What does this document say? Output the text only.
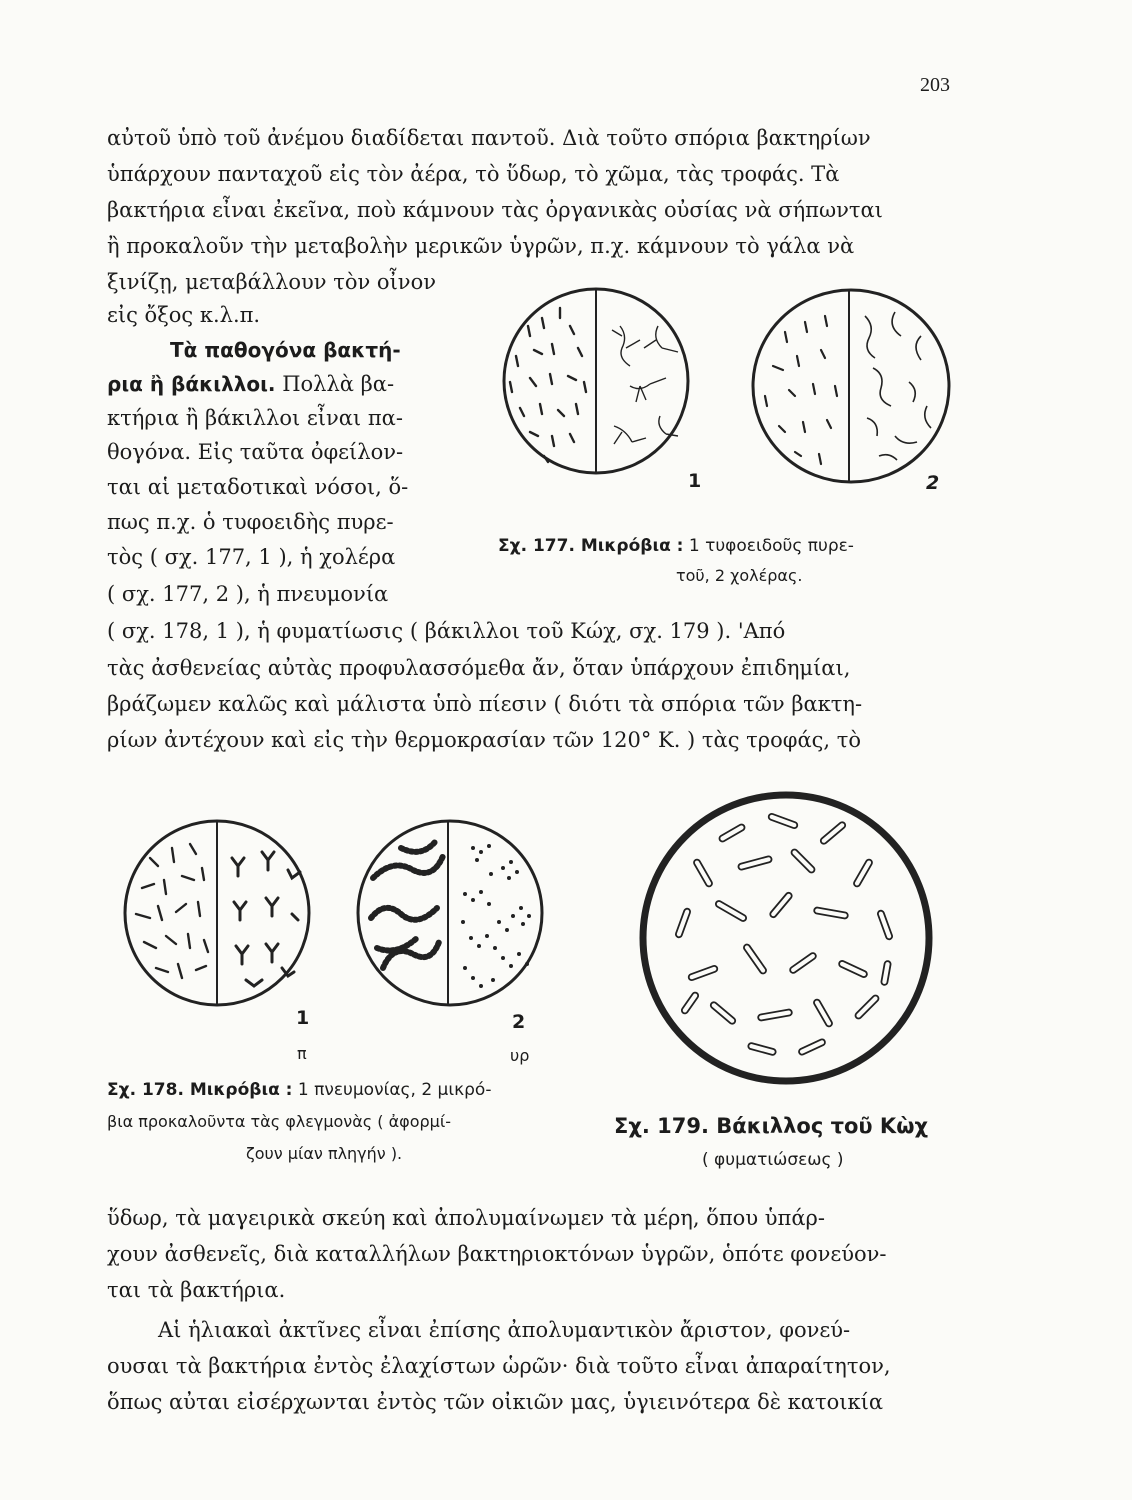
203
αὐτοῦ ὑπὸ τοῦ ἀνέμου διαδίδεται παντοῦ. Διὰ τοῦτο σπόρια βακτηρίων
ὑπάρχουν πανταχοῦ εἰς τὸν ἀέρα, τὸ ὕδωρ, τὸ χῶμα, τὰς τροφάς. Τὰ
βακτήρια εἶναι ἐκεῖνα, ποὺ κάμνουν τὰς ὀργανικὰς οὐσίας νὰ σήπωνται
ἢ προκαλοῦν τὴν μεταβολὴν μερικῶν ὑγρῶν, π.χ. κάμνουν τὸ γάλα νὰ
ξινίζῃ, μεταβάλλουν τὸν οἶνον
εἰς ὄξος κ.λ.π.
Τὰ παθογόνα βακτή-
ρια ἢ βάκιλλοι. Πολλὰ βα-
κτήρια ἢ βάκιλλοι εἶναι πα-
θογόνα. Εἰς ταῦτα ὀφείλον-
ται αἱ μεταδοτικαὶ νόσοι, ὅ-
πως π.χ. ὁ τυφοειδὴς πυρε-
τὸς ( σχ. 177, 1 ), ἡ χολέρα
( σχ. 177, 2 ), ἡ πνευμονία
( σχ. 178, 1 ), ἡ φυματίωσις ( βάκιλλοι τοῦ Κώχ, σχ. 179 ). 'Από
τὰς ἀσθενείας αὐτὰς προφυλασσόμεθα ἄν, ὅταν ὑπάρχουν ἐπιδημίαι,
βράζωμεν καλῶς καὶ μάλιστα ὑπὸ πίεσιν ( διότι τὰ σπόρια τῶν βακτη-
ρίων ἀντέχουν καὶ εἰς τὴν θερμοκρασίαν τῶν 120° Κ. ) τὰς τροφάς, τὸ
1	2
Σχ. 177. Μικρόβια : 1 τυφοειδοῦς πυρε-
τοῦ, 2 χολέρας.
1
π
2
υρ
Σχ. 178. Μικρόβια : 1 πνευμονίας, 2 μικρό-
βια προκαλοῦντα τὰς φλεγμονὰς ( ἀφορμί-
ζουν μίαν πληγήν ).
Σχ. 179. Βάκιλλος τοῦ Κὼχ
( φυματιώσεως )
ὕδωρ, τὰ μαγειρικὰ σκεύη καὶ ἀπολυμαίνωμεν τὰ μέρη, ὅπου ὑπάρ-
χουν ἀσθενεῖς, διὰ καταλλήλων βακτηριοκτόνων ὑγρῶν, ὁπότε φονεύον-
ται τὰ βακτήρια.
Αἱ ἡλιακαὶ ἀκτῖνες εἶναι ἐπίσης ἀπολυμαντικὸν ἄριστον, φονεύ-
ουσαι τὰ βακτήρια ἐντὸς ἐλαχίστων ὡρῶν· διὰ τοῦτο εἶναι ἀπαραίτητον,
ὅπως αὐται εἰσέρχωνται ἐντὸς τῶν οἰκιῶν μας, ὑγιεινότερα δὲ κατοικία
